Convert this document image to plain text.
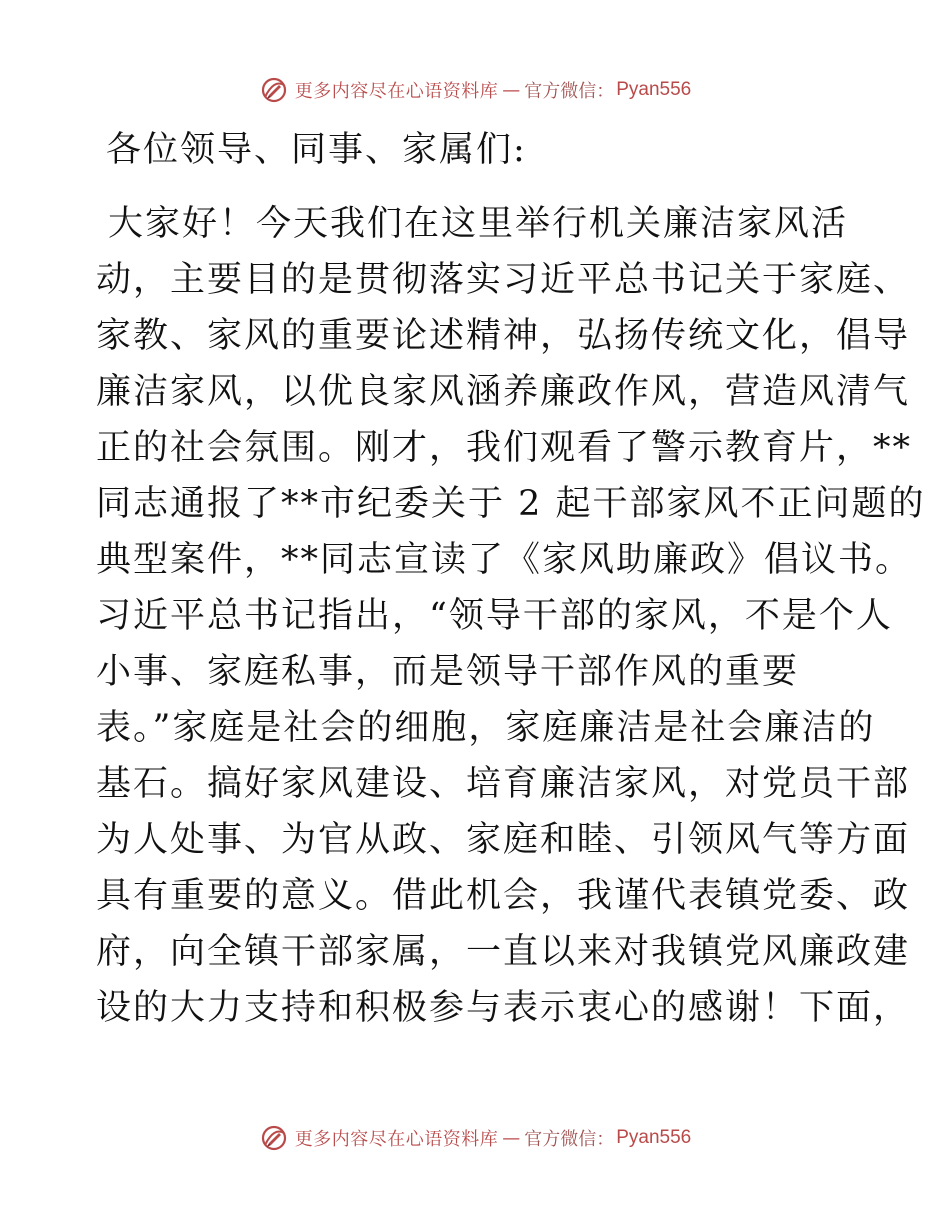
更多内容尽在心语资料库 — 官方微信： Pyan556
各位领导、同事、家属们:
大家好！今天我们在这里举行机关廉洁家风活
动，主要目的是贯彻落实习近平总书记关于家庭、
家教、家风的重要论述精神，弘扬传统文化，倡导
廉洁家风，以优良家风涵养廉政作风，营造风清气
正的社会氛围。刚才，我们观看了警示教育片，**
同志通报了**市纪委关于 2 起干部家风不正问题的
典型案件，**同志宣读了《家风助廉政》倡议书。
习近平总书记指出，“领导干部的家风，不是个人
小事、家庭私事，而是领导干部作风的重要
表。”家庭是社会的细胞，家庭廉洁是社会廉洁的
基石。搞好家风建设、培育廉洁家风，对党员干部
为人处事、为官从政、家庭和睦、引领风气等方面
具有重要的意义。借此机会，我谨代表镇党委、政
府，向全镇干部家属，一直以来对我镇党风廉政建
设的大力支持和积极参与表示衷心的感谢！下面，
更多内容尽在心语资料库 — 官方微信： Pyan556
